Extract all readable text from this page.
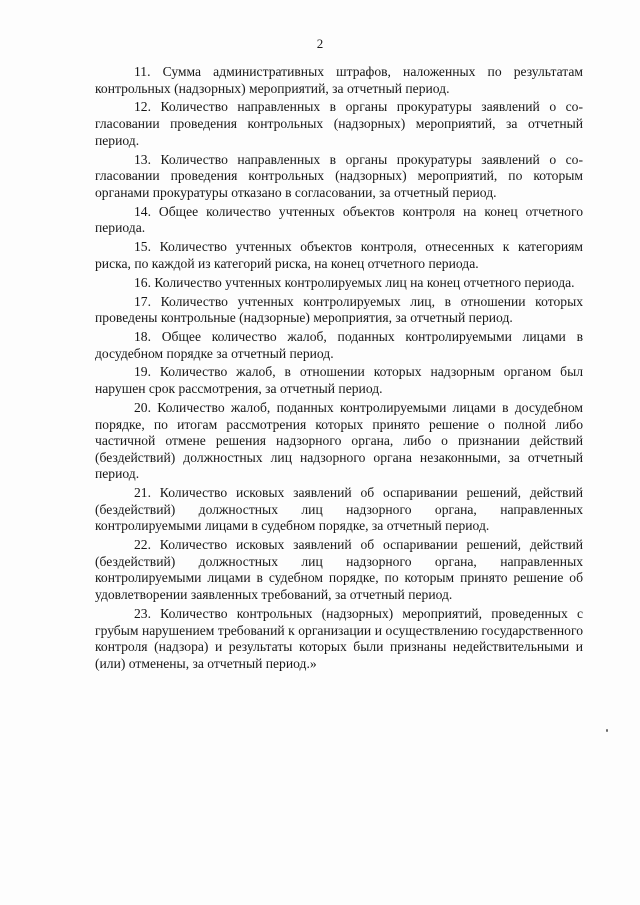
2

11. Сумма административных штрафов, наложенных по результатам контрольных (надзорных) мероприятий, за отчетный период.

12. Количество направленных в органы прокуратуры заявлений о согласовании проведения контрольных (надзорных) мероприятий, за отчетный период.

13. Количество направленных в органы прокуратуры заявлений о согласовании проведения контрольных (надзорных) мероприятий, по которым органами прокуратуры отказано в согласовании, за отчетный период.

14. Общее количество учтенных объектов контроля на конец отчетного периода.

15. Количество учтенных объектов контроля, отнесенных к категориям риска, по каждой из категорий риска, на конец отчетного периода.

16. Количество учтенных контролируемых лиц на конец отчетного периода.

17. Количество учтенных контролируемых лиц, в отношении которых проведены контрольные (надзорные) мероприятия, за отчетный период.

18. Общее количество жалоб, поданных контролируемыми лицами в досудебном порядке за отчетный период.

19. Количество жалоб, в отношении которых надзорным органом был нарушен срок рассмотрения, за отчетный период.

20. Количество жалоб, поданных контролируемыми лицами в досудебном порядке, по итогам рассмотрения которых принято решение о полной либо частичной отмене решения надзорного органа, либо о признании действий (бездействий) должностных лиц надзорного органа незаконными, за отчетный период.

21. Количество исковых заявлений об оспаривании решений, действий (бездействий) должностных лиц надзорного органа, направленных контролируемыми лицами в судебном порядке, за отчетный период.

22. Количество исковых заявлений об оспаривании решений, действий (бездействий) должностных лиц надзорного органа, направленных контролируемыми лицами в судебном порядке, по которым принято решение об удовлетворении заявленных требований, за отчетный период.

23. Количество контрольных (надзорных) мероприятий, проведенных с грубым нарушением требований к организации и осуществлению государственного контроля (надзора) и результаты которых были признаны недействительными и (или) отменены, за отчетный период.»
